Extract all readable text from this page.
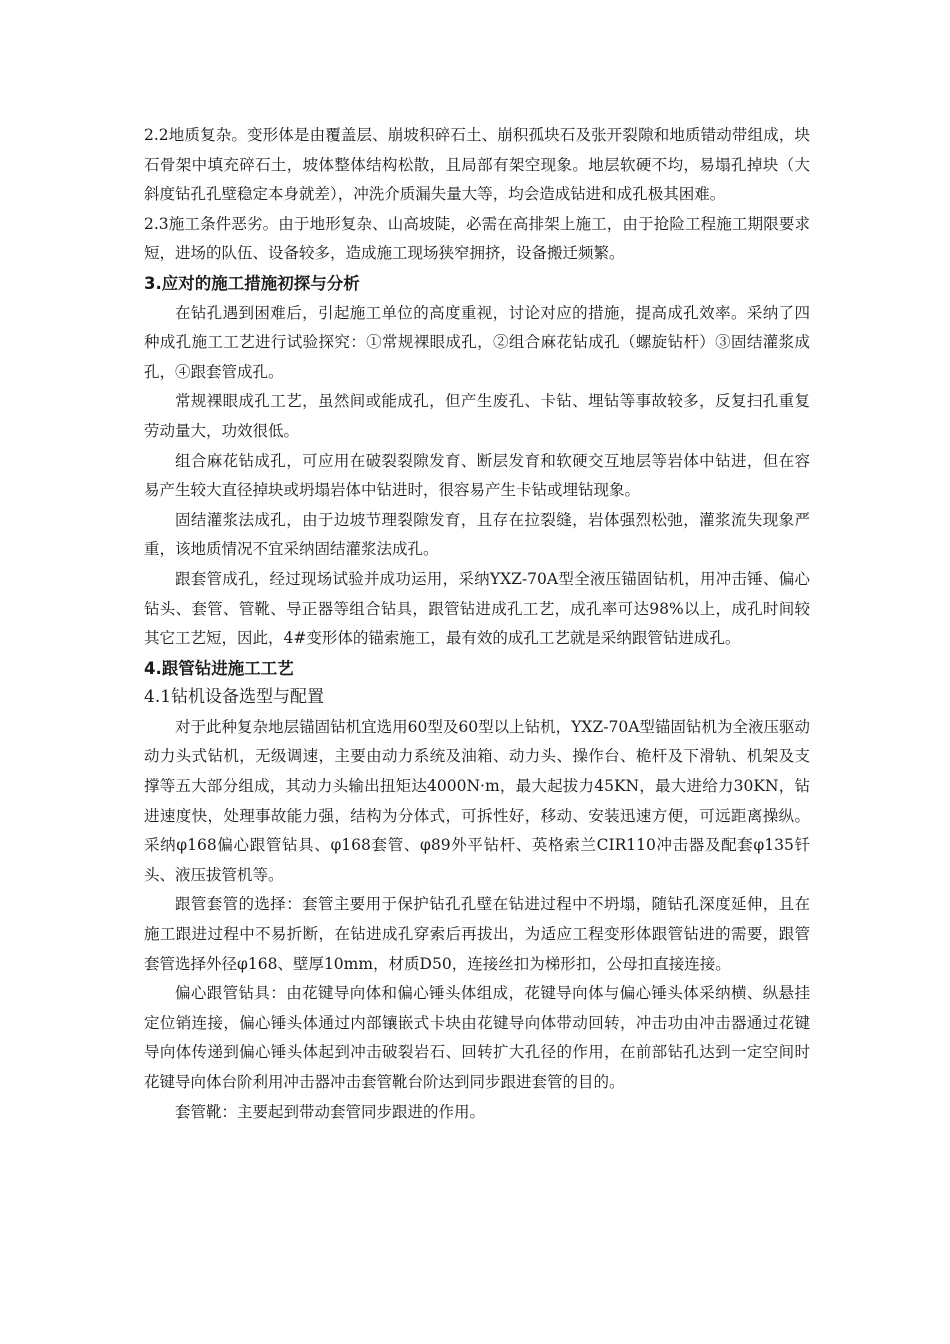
2.2地质复杂。变形体是由覆盖层、崩坡积碎石土、崩积孤块石及张开裂隙和地质错动带组成，块石骨架中填充碎石土，坡体整体结构松散，且局部有架空现象。地层软硬不均，易塌孔掉块（大斜度钻孔孔壁稳定本身就差），冲洗介质漏失量大等，均会造成钻进和成孔极其困难。

2.3施工条件恶劣。由于地形复杂、山高坡陡，必需在高排架上施工，由于抢险工程施工期限要求短，进场的队伍、设备较多，造成施工现场狭窄拥挤，设备搬迁频繁。

3.应对的施工措施初探与分析

在钻孔遇到困难后，引起施工单位的高度重视，讨论对应的措施，提高成孔效率。采纳了四种成孔施工工艺进行试验探究：①常规裸眼成孔，②组合麻花钻成孔（螺旋钻杆）③固结灌浆成孔，④跟套管成孔。

常规裸眼成孔工艺，虽然间或能成孔，但产生废孔、卡钻、埋钻等事故较多，反复扫孔重复劳动量大，功效很低。

组合麻花钻成孔，可应用在破裂裂隙发育、断层发育和软硬交互地层等岩体中钻进，但在容易产生较大直径掉块或坍塌岩体中钻进时，很容易产生卡钻或埋钻现象。

固结灌浆法成孔，由于边坡节理裂隙发育，且存在拉裂缝，岩体强烈松弛，灌浆流失现象严重，该地质情况不宜采纳固结灌浆法成孔。

跟套管成孔，经过现场试验并成功运用，采纳YXZ-70A型全液压锚固钻机，用冲击锤、偏心钻头、套管、管靴、导正器等组合钻具，跟管钻进成孔工艺，成孔率可达98%以上，成孔时间较其它工艺短，因此，4#变形体的锚索施工，最有效的成孔工艺就是采纳跟管钻进成孔。

4.跟管钻进施工工艺
4.1钻机设备选型与配置

对于此种复杂地层锚固钻机宜选用60型及60型以上钻机，YXZ-70A型锚固钻机为全液压驱动动力头式钻机，无级调速，主要由动力系统及油箱、动力头、操作台、桅杆及下滑轨、机架及支撑等五大部分组成，其动力头输出扭矩达4000N·m，最大起拔力45KN，最大进给力30KN，钻进速度快，处理事故能力强，结构为分体式，可拆性好，移动、安装迅速方便，可远距离操纵。采纳φ168偏心跟管钻具、φ168套管、φ89外平钻杆、英格索兰CIR110冲击器及配套φ135钎头、液压拔管机等。

跟管套管的选择：套管主要用于保护钻孔孔壁在钻进过程中不坍塌，随钻孔深度延伸，且在施工跟进过程中不易折断，在钻进成孔穿索后再拔出，为适应工程变形体跟管钻进的需要，跟管套管选择外径φ168、壁厚10mm，材质D50，连接丝扣为梯形扣，公母扣直接连接。

偏心跟管钻具：由花键导向体和偏心锤头体组成，花键导向体与偏心锤头体采纳横、纵悬挂定位销连接，偏心锤头体通过内部镶嵌式卡块由花键导向体带动回转，冲击功由冲击器通过花键导向体传递到偏心锤头体起到冲击破裂岩石、回转扩大孔径的作用，在前部钻孔达到一定空间时花键导向体台阶利用冲击器冲击套管靴台阶达到同步跟进套管的目的。

套管靴：主要起到带动套管同步跟进的作用。
